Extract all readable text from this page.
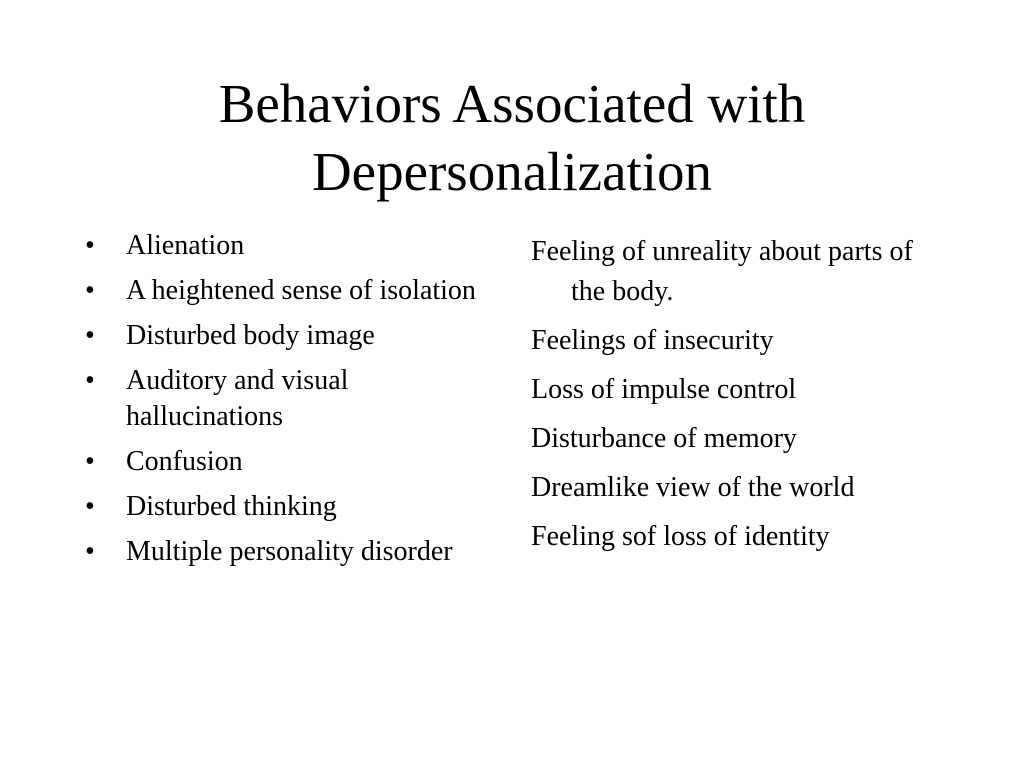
Behaviors Associated with
Depersonalization
• Alienation
• A heightened sense of isolation
• Disturbed body image
• Auditory and visual hallucinations
• Confusion
• Disturbed thinking
• Multiple personality disorder
Feeling of unreality about parts of the body.
Feelings of insecurity
Loss of impulse control
Disturbance of memory
Dreamlike view of the world
Feeling sof loss of identity
